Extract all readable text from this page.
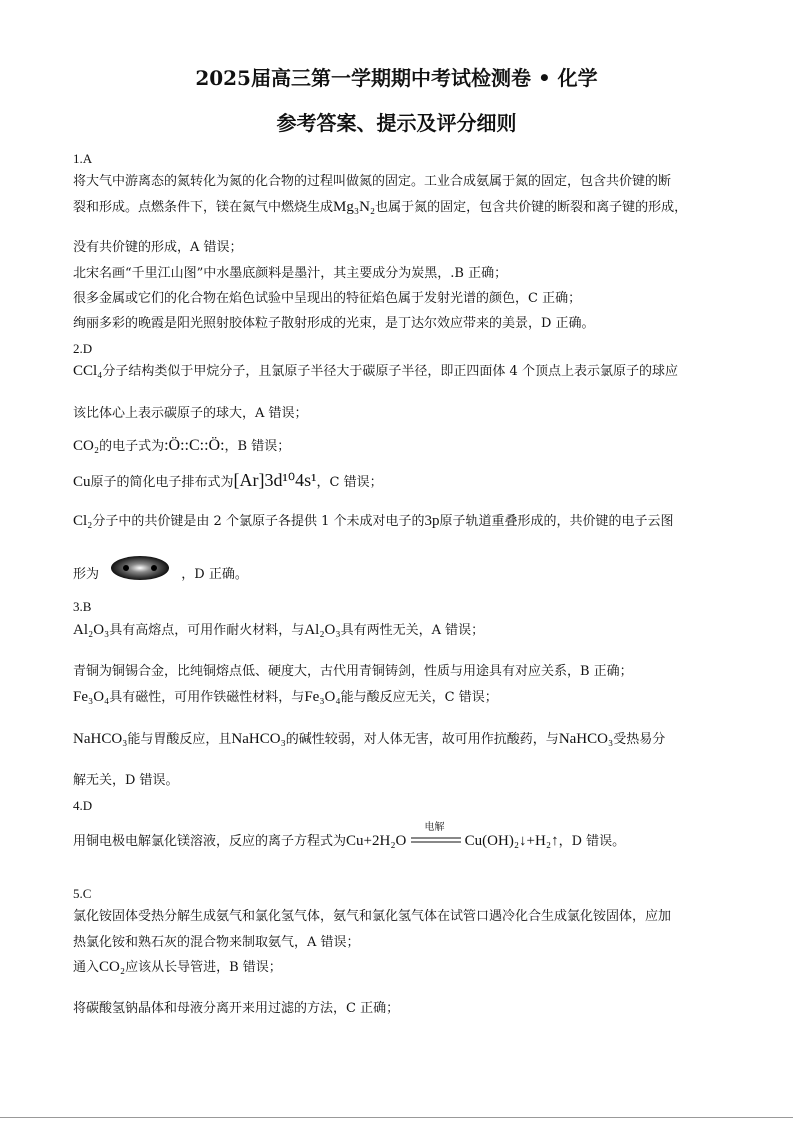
2025届高三第一学期期中考试检测卷 • 化学
参考答案、提示及评分细则
1.A
将大气中游离态的氮转化为氮的化合物的过程叫做氮的固定。工业合成氨属于氮的固定，包含共价键的断
裂和形成。点燃条件下，镁在氮气中燃烧生成Mg₃N₂也属于氮的固定，包含共价键的断裂和离子键的形成，
没有共价键的形成，A 错误；
北宋名画“千里江山图”中水墨底颜料是墨汁，其主要成分为炭黑，.B 正确；
很多金属或它们的化合物在焰色试验中呈现出的特征焰色属于发射光谱的颜色，C 正确；
绚丽多彩的晚霞是阳光照射胶体粒子散射形成的光束，是丁达尔效应带来的美景，D 正确。
2.D
CCl₄分子结构类似于甲烷分子，且氯原子半径大于碳原子半径，即正四面体 4 个顶点上表示氯原子的球应
该比体心上表示碳原子的球大，A 错误；
CO₂的电子式为:Ö::C::Ö:，B 错误；
Cu原子的简化电子排布式为[Ar]3d¹⁰4s¹，C 错误；
Cl₂分子中的共价键是由 2 个氯原子各提供 1 个未成对电子的3p原子轨道重叠形成的，共价键的电子云图
形为	，D 正确。
3.B
Al₂O₃具有高熔点，可用作耐火材料，与Al₂O₃具有两性无关，A 错误；
青铜为铜锡合金，比纯铜熔点低、硬度大，古代用青铜铸剑，性质与用途具有对应关系，B 正确；
Fe₃O₄具有磁性，可用作铁磁性材料，与Fe₃O₄能与酸反应无关，C 错误；
NaHCO₃能与胃酸反应，且NaHCO₃的碱性较弱，对人体无害，故可用作抗酸药，与NaHCO₃受热易分
解无关，D 错误。
4.D
用铜电极电解氯化镁溶液，反应的离子方程式为Cu+2H₂O
电解
Cu(OH)₂↓+H₂↑，D 错误。
5.C
氯化铵固体受热分解生成氨气和氯化氢气体，氨气和氯化氢气体在试管口遇冷化合生成氯化铵固体，应加
热氯化铵和熟石灰的混合物来制取氨气，A 错误；
通入CO₂应该从长导管进，B 错误；
将碳酸氢钠晶体和母液分离开来用过滤的方法，C 正确；
